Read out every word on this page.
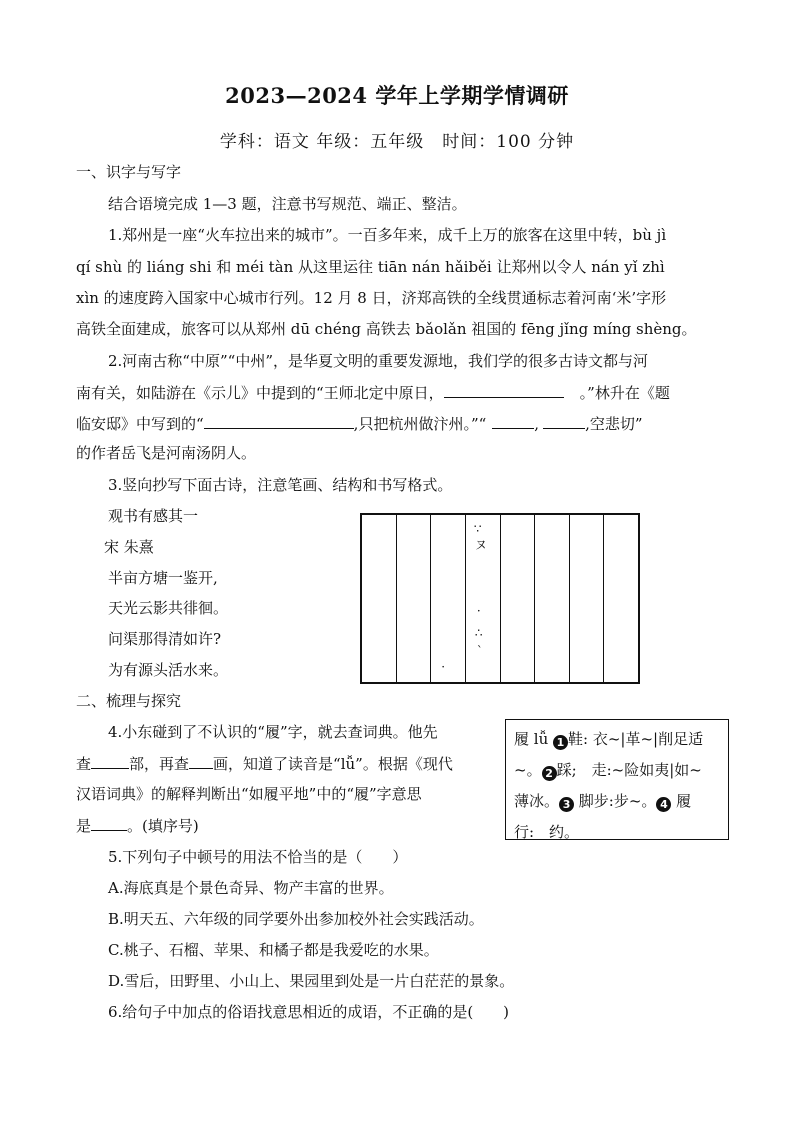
2023—2024 学年上学期学情调研
学科：语文 年级：五年级　时间：100 分钟
一、识字与写字
结合语境完成 1—3 题，注意书写规范、端正、整洁。
1.郑州是一座“火车拉出来的城市”。一百多年来，成千上万的旅客在这里中转，bù jì
qí shù 的 liáng shi 和 méi tàn 从这里运往 tiān nán hǎiběi 让郑州以令人 nán yǐ zhì
xìn 的速度跨入国家中心城市行列。12 月 8 日，济郑高铁的全线贯通标志着河南‘米’字形
高铁全面建成，旅客可以从郑州 dū chéng 高铁去 bǎolǎn 祖国的 fēng jǐng míng shèng。
2.河南古称“中原”“中州”，是华夏文明的重要发源地，我们学的很多古诗文都与河
南有关，如陆游在《示儿》中提到的“王师北定中原日，	。”林升在《题
临安邸》中写到的“	,只把杭州做汴州。”“	,	,空悲切”
的作者岳飞是河南汤阴人。
3.竖向抄写下面古诗，注意笔画、结构和书写格式。
观书有感其一
宋 朱熹
半亩方塘一鉴开,
天光云影共徘徊。
问渠那得清如许?
为有源头活水来。	·
∵
ヌ
·
∴
ˋ
二、梳理与探究
4.小东碰到了不认识的“履”字，就去查词典。他先
查	部，再查 画，知道了读音是“lǚ”。根据《现代
汉语词典》的解释判断出“如履平地”中的“履”字意思
是 。(填序号)
履 lǚ 1 鞋: 衣~|革~|削足适
~。 2 踩;　走:~险如夷|如~
薄冰。 3 脚步:步~。 4 履
行:　约。
5.下列句子中顿号的用法不恰当的是（　　）
A.海底真是个景色奇异、物产丰富的世界。
B.明天五、六年级的同学要外出参加校外社会实践活动。
C.桃子、石榴、苹果、和橘子都是我爱吃的水果。
D.雪后，田野里、小山上、果园里到处是一片白茫茫的景象。
6.给句子中加点的俗语找意思相近的成语，不正确的是(　　)
